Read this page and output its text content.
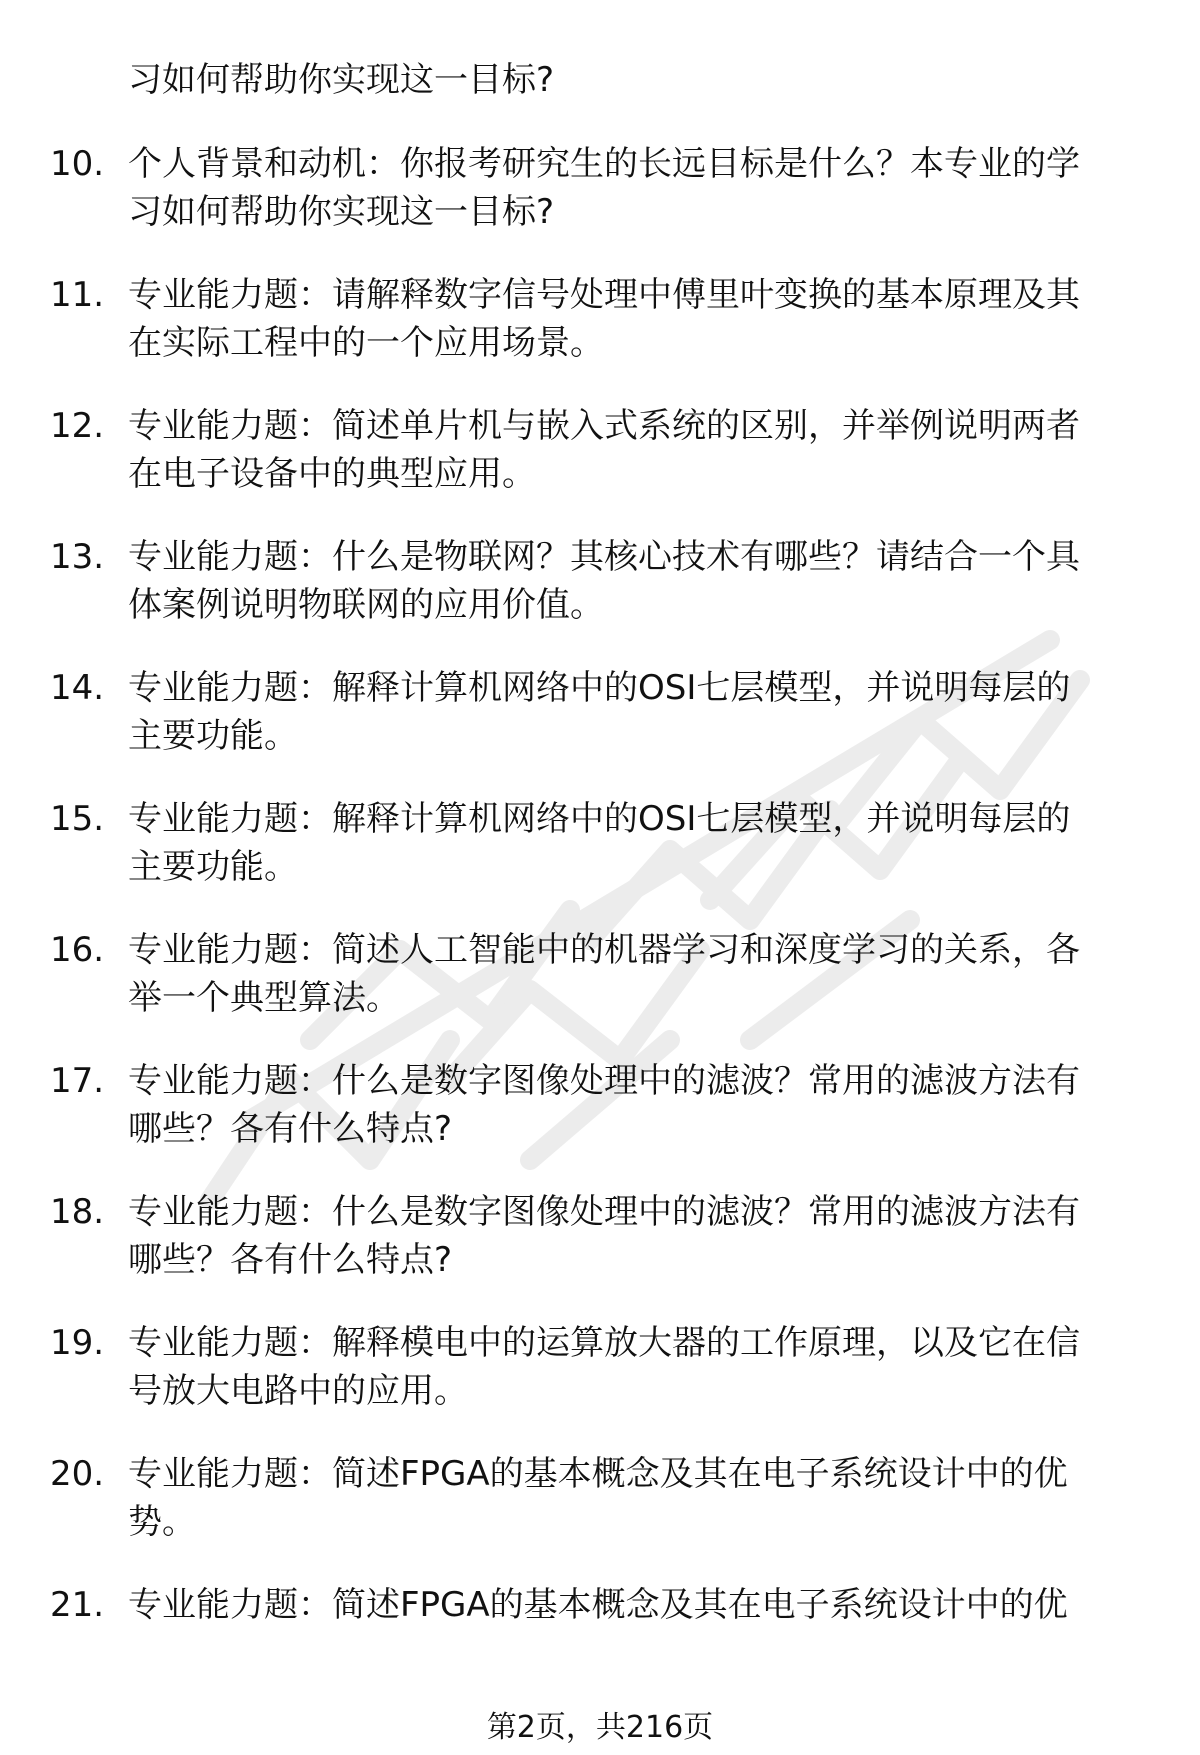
习如何帮助你实现这一目标?
10. 个人背景和动机：你报考研究生的长远目标是什么？本专业的学
习如何帮助你实现这一目标?
11. 专业能力题：请解释数字信号处理中傅里叶变换的基本原理及其
在实际工程中的一个应用场景。
12. 专业能力题：简述单片机与嵌入式系统的区别，并举例说明两者
在电子设备中的典型应用。
13. 专业能力题：什么是物联网？其核心技术有哪些？请结合一个具
体案例说明物联网的应用价值。
14. 专业能力题：解释计算机网络中的OSI七层模型，并说明每层的
主要功能。
15. 专业能力题：解释计算机网络中的OSI七层模型，并说明每层的
主要功能。
16. 专业能力题：简述人工智能中的机器学习和深度学习的关系，各
举一个典型算法。
17. 专业能力题：什么是数字图像处理中的滤波？常用的滤波方法有
哪些？各有什么特点?
18. 专业能力题：什么是数字图像处理中的滤波？常用的滤波方法有
哪些？各有什么特点?
19. 专业能力题：解释模电中的运算放大器的工作原理，以及它在信
号放大电路中的应用。
20. 专业能力题：简述FPGA的基本概念及其在电子系统设计中的优
势。
21. 专业能力题：简述FPGA的基本概念及其在电子系统设计中的优
第2页，共216页
